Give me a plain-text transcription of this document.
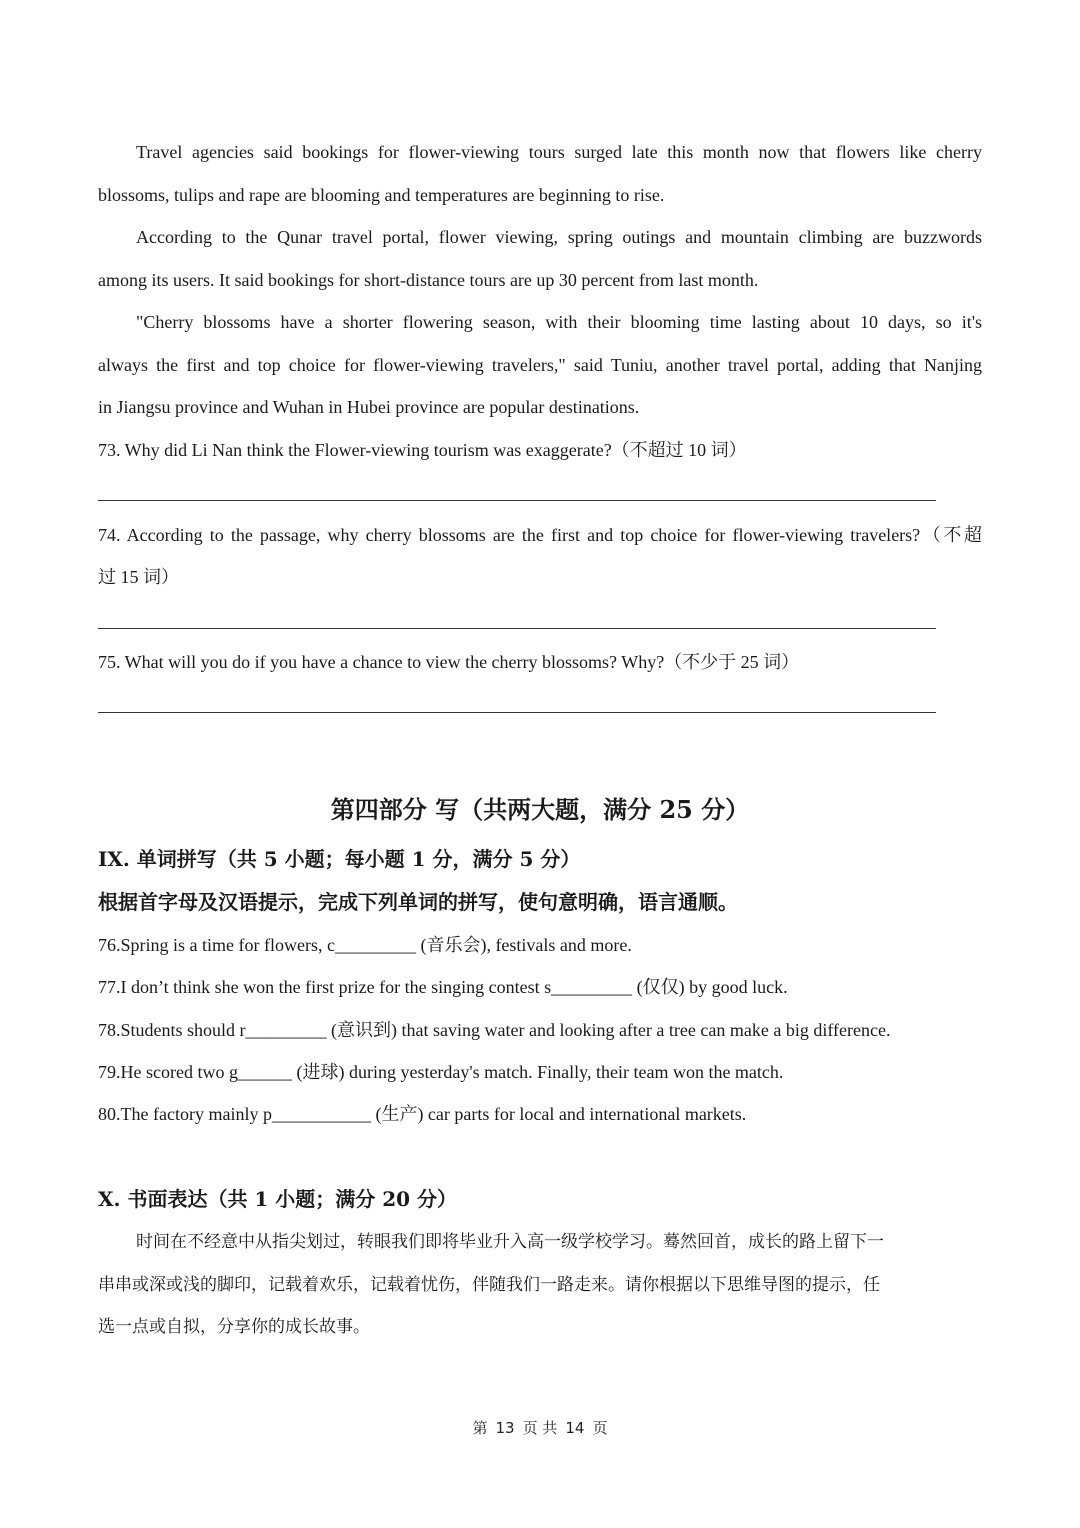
Travel agencies said bookings for flower-viewing tours surged late this month now that flowers like cherry
blossoms, tulips and rape are blooming and temperatures are beginning to rise.
According to the Qunar travel portal, flower viewing, spring outings and mountain climbing are buzzwords
among its users. It said bookings for short-distance tours are up 30 percent from last month.
"Cherry blossoms have a shorter flowering season, with their blooming time lasting about 10 days, so it's
always the first and top choice for flower-viewing travelers," said Tuniu, another travel portal, adding that Nanjing
in Jiangsu province and Wuhan in Hubei province are popular destinations.
73. Why did Li Nan think the Flower-viewing tourism was exaggerate?（不超过 10 词）
74. According to the passage, why cherry blossoms are the first and top choice for flower-viewing travelers?（不超
过 15 词）
75. What will you do if you have a chance to view the cherry blossoms? Why?（不少于 25 词）
第四部分 写（共两大题，满分 25 分）
IX. 单词拼写（共 5 小题；每小题 1 分，满分 5 分）
根据首字母及汉语提示，完成下列单词的拼写，使句意明确，语言通顺。
76.Spring is a time for flowers, c_________ (音乐会), festivals and more.
77.I don’t think she won the first prize for the singing contest s_________ (仅仅) by good luck.
78.Students should r_________ (意识到) that saving water and looking after a tree can make a big difference.
79.He scored two g______ (进球) during yesterday's match. Finally, their team won the match.
80.The factory mainly p___________ (生产) car parts for local and international markets.
X. 书面表达（共 1 小题；满分 20 分）
时间在不经意中从指尖划过，转眼我们即将毕业升入高一级学校学习。蓦然回首，成长的路上留下一
串串或深或浅的脚印，记载着欢乐，记载着忧伤，伴随我们一路走来。请你根据以下思维导图的提示，任
选一点或自拟，分享你的成长故事。
第 13 页 共 14 页
